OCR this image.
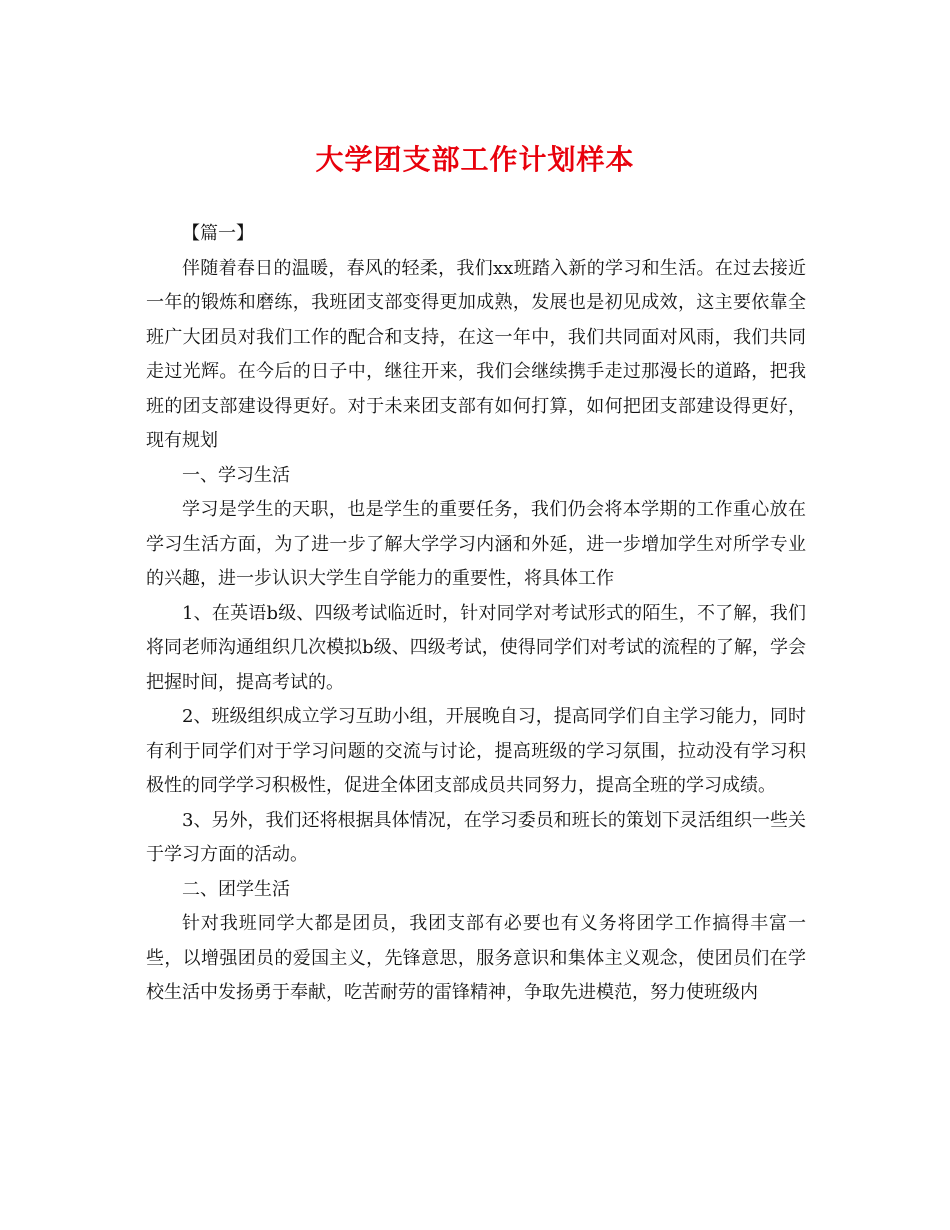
大学团支部工作计划样本

【篇一】

伴随着春日的温暖，春风的轻柔，我们xx班踏入新的学习和生活。在过去接近一年的锻炼和磨练，我班团支部变得更加成熟，发展也是初见成效，这主要依靠全班广大团员对我们工作的配合和支持，在这一年中，我们共同面对风雨，我们共同走过光辉。在今后的日子中，继往开来，我们会继续携手走过那漫长的道路，把我班的团支部建设得更好。对于未来团支部有如何打算，如何把团支部建设得更好，现有规划

一、学习生活

学习是学生的天职，也是学生的重要任务，我们仍会将本学期的工作重心放在学习生活方面，为了进一步了解大学学习内涵和外延，进一步增加学生对所学专业的兴趣，进一步认识大学生自学能力的重要性，将具体工作

1、在英语b级、四级考试临近时，针对同学对考试形式的陌生，不了解，我们将同老师沟通组织几次模拟b级、四级考试，使得同学们对考试的流程的了解，学会把握时间，提高考试的。

2、班级组织成立学习互助小组，开展晚自习，提高同学们自主学习能力，同时有利于同学们对于学习问题的交流与讨论，提高班级的学习氛围，拉动没有学习积极性的同学学习积极性，促进全体团支部成员共同努力，提高全班的学习成绩。

3、另外，我们还将根据具体情况，在学习委员和班长的策划下灵活组织一些关于学习方面的活动。

二、团学生活

针对我班同学大都是团员，我团支部有必要也有义务将团学工作搞得丰富一些，以增强团员的爱国主义，先锋意思，服务意识和集体主义观念，使团员们在学校生活中发扬勇于奉献，吃苦耐劳的雷锋精神，争取先进模范，努力使班级内
